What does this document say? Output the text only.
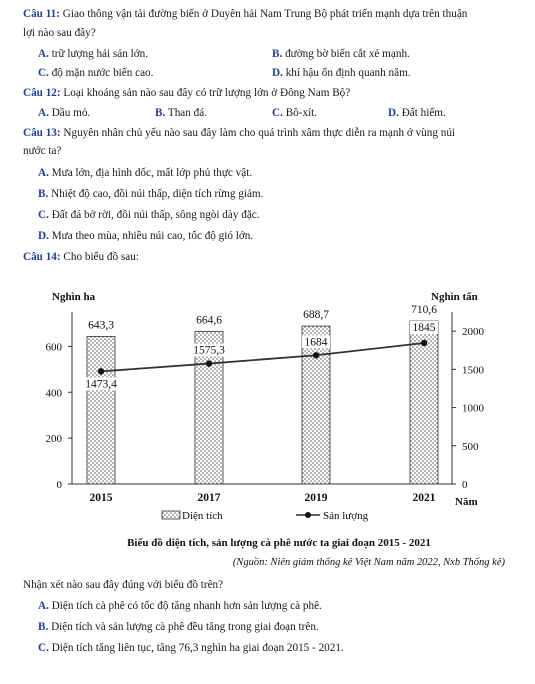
Câu 11: Giao thông vận tải đường biển ở Duyên hải Nam Trung Bộ phát triển mạnh dựa trên thuận
lợi nào sau đây?
A. trữ lượng hải sản lớn.	B. đường bờ biển cắt xẻ mạnh.
C. độ mặn nước biển cao.	D. khí hậu ổn định quanh năm.
Câu 12: Loại khoáng sản nào sau đây có trữ lượng lớn ở Đông Nam Bộ?
A. Dầu mỏ.	B. Than đá.	C. Bô-xít.	D. Đất hiếm.
Câu 13: Nguyên nhân chủ yếu nào sau đây làm cho quá trình xâm thực diễn ra mạnh ở vùng núi
nước ta?
A. Mưa lớn, địa hình dốc, mất lớp phủ thực vật.
B. Nhiệt độ cao, đồi núi thấp, diện tích rừng giảm.
C. Đất đá bở rời, đồi núi thấp, sông ngòi dày đặc.
D. Mưa theo mùa, nhiều núi cao, tốc độ gió lớn.
Câu 14: Cho biểu đồ sau:
Nghìn ha	Nghìn tấn
Năm
0
200
400
600
0
500
1000
1500
2000
643,3	664,6	688,7	710,6
1473,4
1575,3
1684
1845
2015	2017	2019	2021
Diện tích	Sản lượng
Biểu đồ diện tích, sản lượng cà phê nước ta giai đoạn 2015 - 2021
(Nguồn: Niên giám thống kê Việt Nam năm 2022, Nxb Thống kê)
Nhận xét nào sau đây đúng với biểu đồ trên?
A. Diện tích cà phê có tốc độ tăng nhanh hơn sản lượng cà phê.
B. Diện tích và sản lượng cà phê đều tăng trong giai đoạn trên.
C. Diện tích tăng liên tục, tăng 76,3 nghìn ha giai đoạn 2015 - 2021.
